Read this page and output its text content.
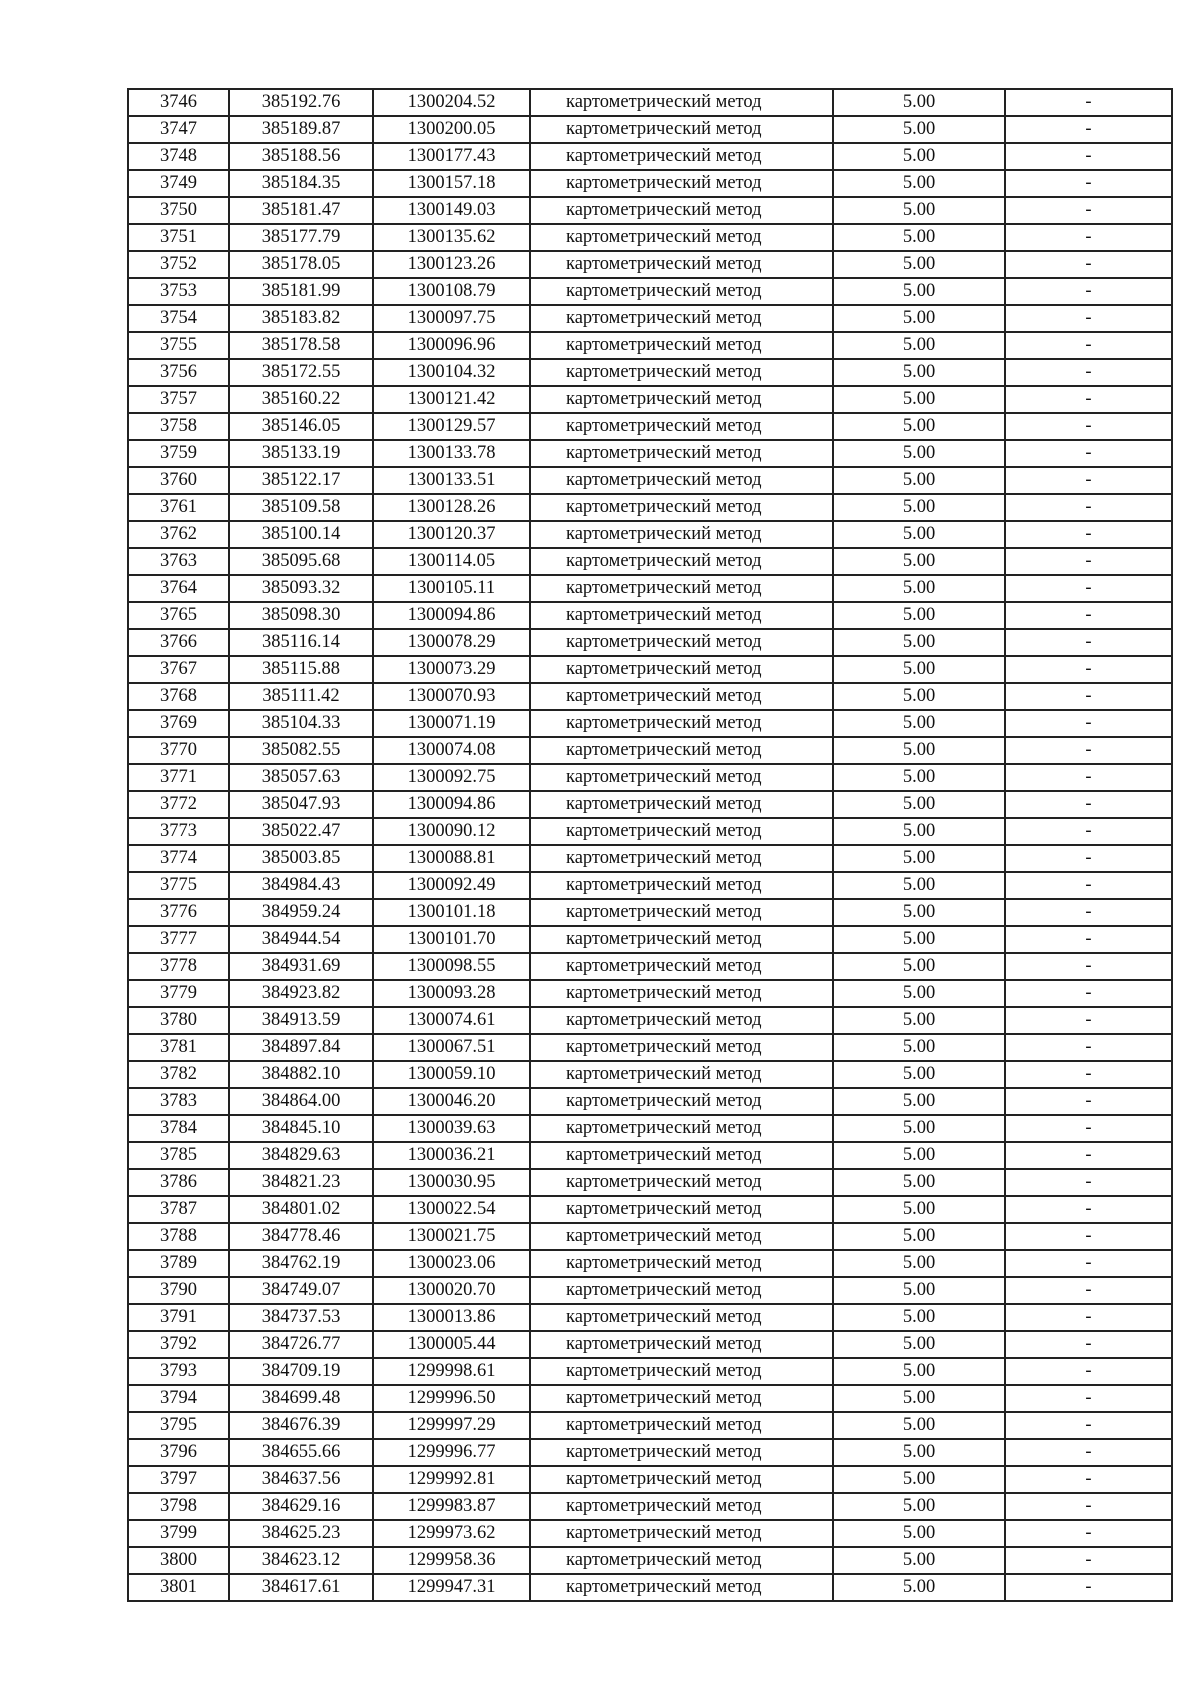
3746	385192.76	1300204.52	картометрический метод	5.00	-
3747	385189.87	1300200.05	картометрический метод	5.00	-
3748	385188.56	1300177.43	картометрический метод	5.00	-
3749	385184.35	1300157.18	картометрический метод	5.00	-
3750	385181.47	1300149.03	картометрический метод	5.00	-
3751	385177.79	1300135.62	картометрический метод	5.00	-
3752	385178.05	1300123.26	картометрический метод	5.00	-
3753	385181.99	1300108.79	картометрический метод	5.00	-
3754	385183.82	1300097.75	картометрический метод	5.00	-
3755	385178.58	1300096.96	картометрический метод	5.00	-
3756	385172.55	1300104.32	картометрический метод	5.00	-
3757	385160.22	1300121.42	картометрический метод	5.00	-
3758	385146.05	1300129.57	картометрический метод	5.00	-
3759	385133.19	1300133.78	картометрический метод	5.00	-
3760	385122.17	1300133.51	картометрический метод	5.00	-
3761	385109.58	1300128.26	картометрический метод	5.00	-
3762	385100.14	1300120.37	картометрический метод	5.00	-
3763	385095.68	1300114.05	картометрический метод	5.00	-
3764	385093.32	1300105.11	картометрический метод	5.00	-
3765	385098.30	1300094.86	картометрический метод	5.00	-
3766	385116.14	1300078.29	картометрический метод	5.00	-
3767	385115.88	1300073.29	картометрический метод	5.00	-
3768	385111.42	1300070.93	картометрический метод	5.00	-
3769	385104.33	1300071.19	картометрический метод	5.00	-
3770	385082.55	1300074.08	картометрический метод	5.00	-
3771	385057.63	1300092.75	картометрический метод	5.00	-
3772	385047.93	1300094.86	картометрический метод	5.00	-
3773	385022.47	1300090.12	картометрический метод	5.00	-
3774	385003.85	1300088.81	картометрический метод	5.00	-
3775	384984.43	1300092.49	картометрический метод	5.00	-
3776	384959.24	1300101.18	картометрический метод	5.00	-
3777	384944.54	1300101.70	картометрический метод	5.00	-
3778	384931.69	1300098.55	картометрический метод	5.00	-
3779	384923.82	1300093.28	картометрический метод	5.00	-
3780	384913.59	1300074.61	картометрический метод	5.00	-
3781	384897.84	1300067.51	картометрический метод	5.00	-
3782	384882.10	1300059.10	картометрический метод	5.00	-
3783	384864.00	1300046.20	картометрический метод	5.00	-
3784	384845.10	1300039.63	картометрический метод	5.00	-
3785	384829.63	1300036.21	картометрический метод	5.00	-
3786	384821.23	1300030.95	картометрический метод	5.00	-
3787	384801.02	1300022.54	картометрический метод	5.00	-
3788	384778.46	1300021.75	картометрический метод	5.00	-
3789	384762.19	1300023.06	картометрический метод	5.00	-
3790	384749.07	1300020.70	картометрический метод	5.00	-
3791	384737.53	1300013.86	картометрический метод	5.00	-
3792	384726.77	1300005.44	картометрический метод	5.00	-
3793	384709.19	1299998.61	картометрический метод	5.00	-
3794	384699.48	1299996.50	картометрический метод	5.00	-
3795	384676.39	1299997.29	картометрический метод	5.00	-
3796	384655.66	1299996.77	картометрический метод	5.00	-
3797	384637.56	1299992.81	картометрический метод	5.00	-
3798	384629.16	1299983.87	картометрический метод	5.00	-
3799	384625.23	1299973.62	картометрический метод	5.00	-
3800	384623.12	1299958.36	картометрический метод	5.00	-
3801	384617.61	1299947.31	картометрический метод	5.00	-
